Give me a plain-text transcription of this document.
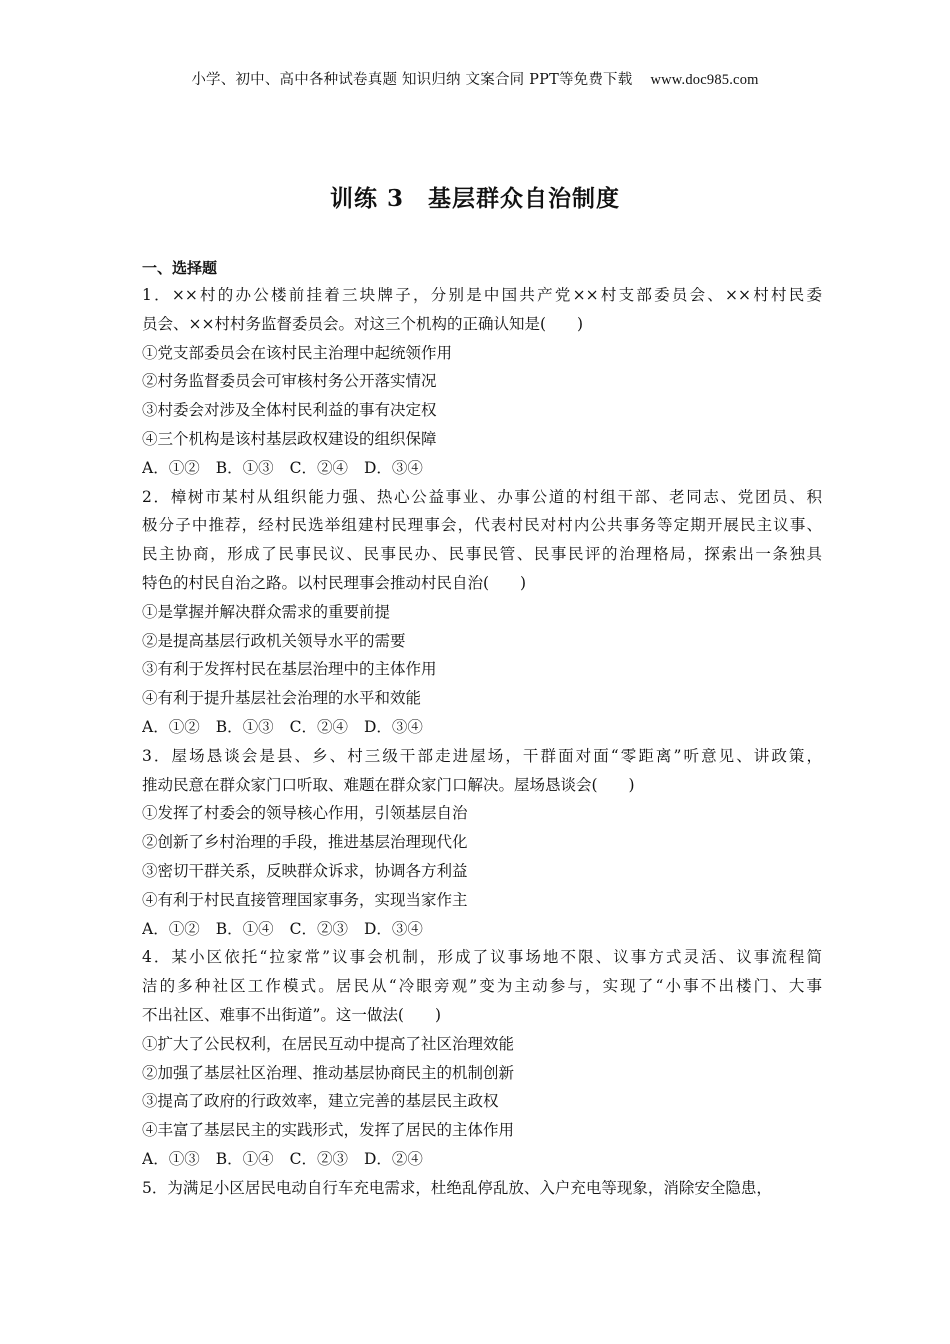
小学、初中、高中各种试卷真题 知识归纳 文案合同 PPT等免费下载 www.doc985.com
训练 3　基层群众自治制度
一、选择题
1．××村的办公楼前挂着三块牌子，分别是中国共产党××村支部委员会、××村村民委
员会、××村村务监督委员会。对这三个机构的正确认知是(　　)
①党支部委员会在该村民主治理中起统领作用
②村务监督委员会可审核村务公开落实情况
③村委会对涉及全体村民利益的事有决定权
④三个机构是该村基层政权建设的组织保障
A．①② B．①③ C．②④ D．③④
2．樟树市某村从组织能力强、热心公益事业、办事公道的村组干部、老同志、党团员、积
极分子中推荐，经村民选举组建村民理事会，代表村民对村内公共事务等定期开展民主议事、
民主协商，形成了民事民议、民事民办、民事民管、民事民评的治理格局，探索出一条独具
特色的村民自治之路。以村民理事会推动村民自治(　　)
①是掌握并解决群众需求的重要前提
②是提高基层行政机关领导水平的需要
③有利于发挥村民在基层治理中的主体作用
④有利于提升基层社会治理的水平和效能
A．①② B．①③ C．②④ D．③④
3．屋场恳谈会是县、乡、村三级干部走进屋场，干群面对面“零距离”听意见、讲政策，
推动民意在群众家门口听取、难题在群众家门口解决。屋场恳谈会(　　)
①发挥了村委会的领导核心作用，引领基层自治
②创新了乡村治理的手段，推进基层治理现代化
③密切干群关系，反映群众诉求，协调各方利益
④有利于村民直接管理国家事务，实现当家作主
A．①② B．①④ C．②③ D．③④
4．某小区依托“拉家常”议事会机制，形成了议事场地不限、议事方式灵活、议事流程简
洁的多种社区工作模式。居民从“冷眼旁观”变为主动参与，实现了“小事不出楼门、大事
不出社区、难事不出街道”。这一做法(　　)
①扩大了公民权利，在居民互动中提高了社区治理效能
②加强了基层社区治理、推动基层协商民主的机制创新
③提高了政府的行政效率，建立完善的基层民主政权
④丰富了基层民主的实践形式，发挥了居民的主体作用
A．①③ B．①④ C．②③ D．②④
5．为满足小区居民电动自行车充电需求，杜绝乱停乱放、入户充电等现象，消除安全隐患，
